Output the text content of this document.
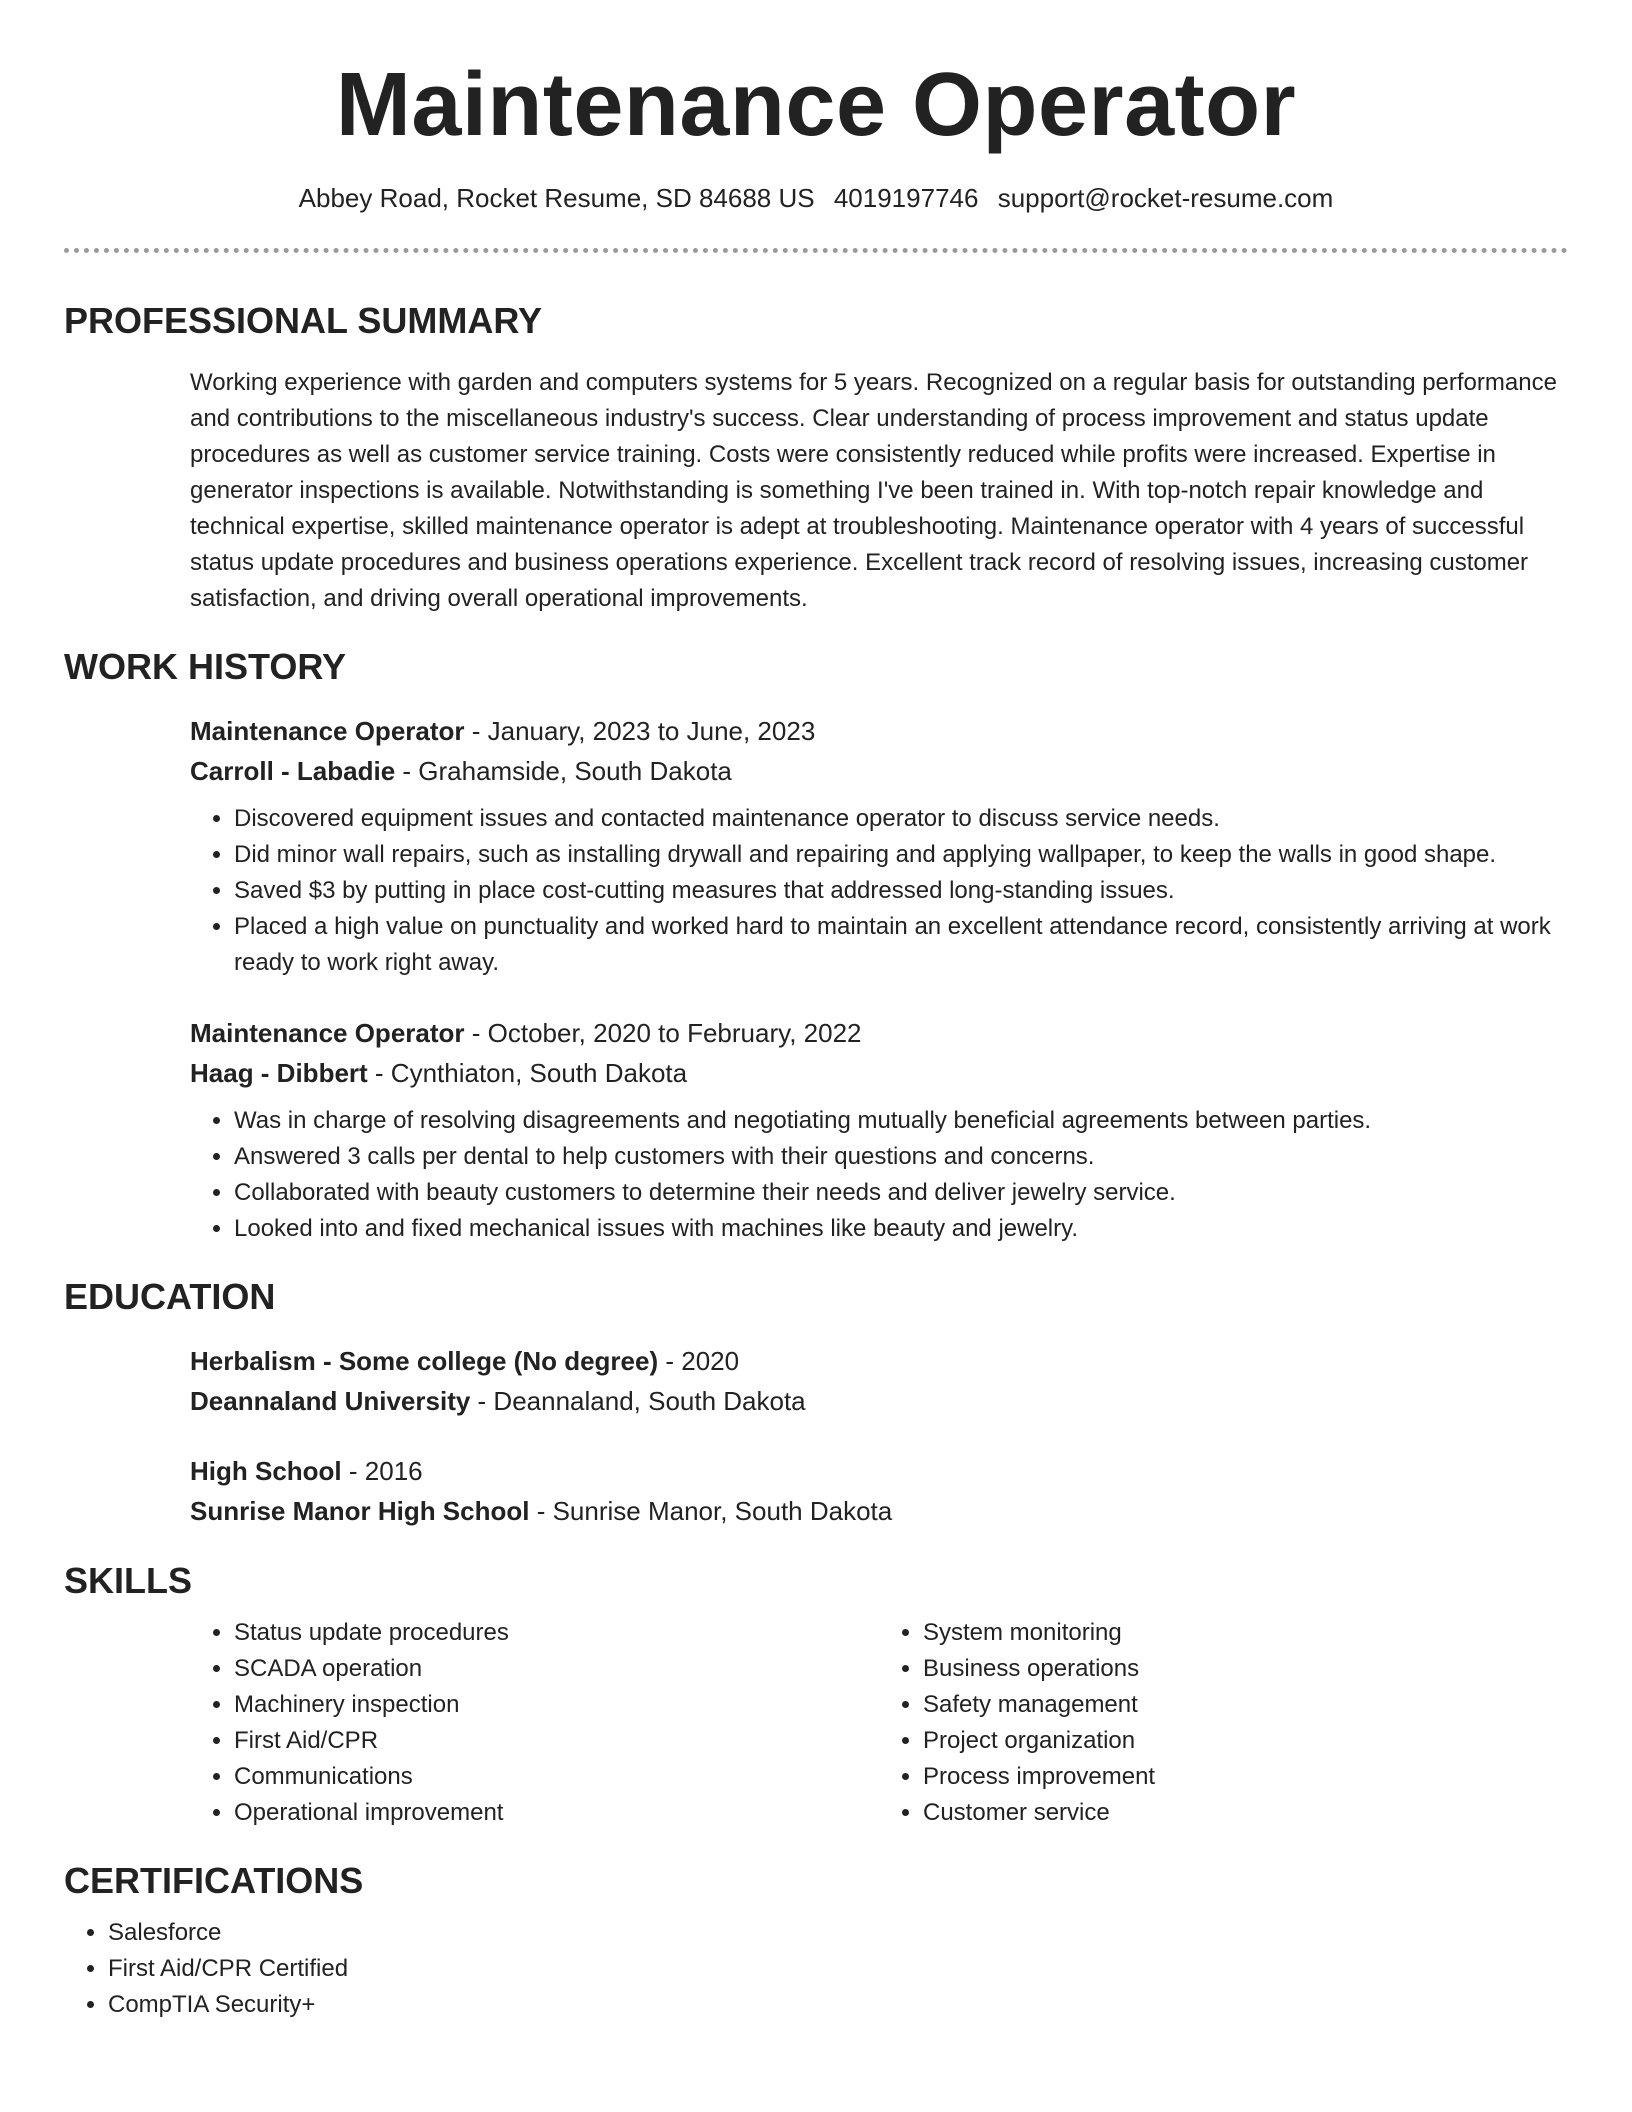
Maintenance Operator
Abbey Road, Rocket Resume, SD 84688 US 4019197746 support@rocket-resume.com
PROFESSIONAL SUMMARY
Working experience with garden and computers systems for 5 years. Recognized on a regular basis for outstanding performance and contributions to the miscellaneous industry's success. Clear understanding of process improvement and status update procedures as well as customer service training. Costs were consistently reduced while profits were increased. Expertise in generator inspections is available. Notwithstanding is something I've been trained in. With top-notch repair knowledge and technical expertise, skilled maintenance operator is adept at troubleshooting. Maintenance operator with 4 years of successful status update procedures and business operations experience. Excellent track record of resolving issues, increasing customer satisfaction, and driving overall operational improvements.
WORK HISTORY
Maintenance Operator - January, 2023 to June, 2023
Carroll - Labadie - Grahamside, South Dakota
• Discovered equipment issues and contacted maintenance operator to discuss service needs.
• Did minor wall repairs, such as installing drywall and repairing and applying wallpaper, to keep the walls in good shape.
• Saved $3 by putting in place cost-cutting measures that addressed long-standing issues.
• Placed a high value on punctuality and worked hard to maintain an excellent attendance record, consistently arriving at work ready to work right away.
Maintenance Operator - October, 2020 to February, 2022
Haag - Dibbert - Cynthiaton, South Dakota
• Was in charge of resolving disagreements and negotiating mutually beneficial agreements between parties.
• Answered 3 calls per dental to help customers with their questions and concerns.
• Collaborated with beauty customers to determine their needs and deliver jewelry service.
• Looked into and fixed mechanical issues with machines like beauty and jewelry.
EDUCATION
Herbalism - Some college (No degree) - 2020
Deannaland University - Deannaland, South Dakota
High School - 2016
Sunrise Manor High School - Sunrise Manor, South Dakota
SKILLS
• Status update procedures
• SCADA operation
• Machinery inspection
• First Aid/CPR
• Communications
• Operational improvement
• System monitoring
• Business operations
• Safety management
• Project organization
• Process improvement
• Customer service
CERTIFICATIONS
• Salesforce
• First Aid/CPR Certified
• CompTIA Security+
